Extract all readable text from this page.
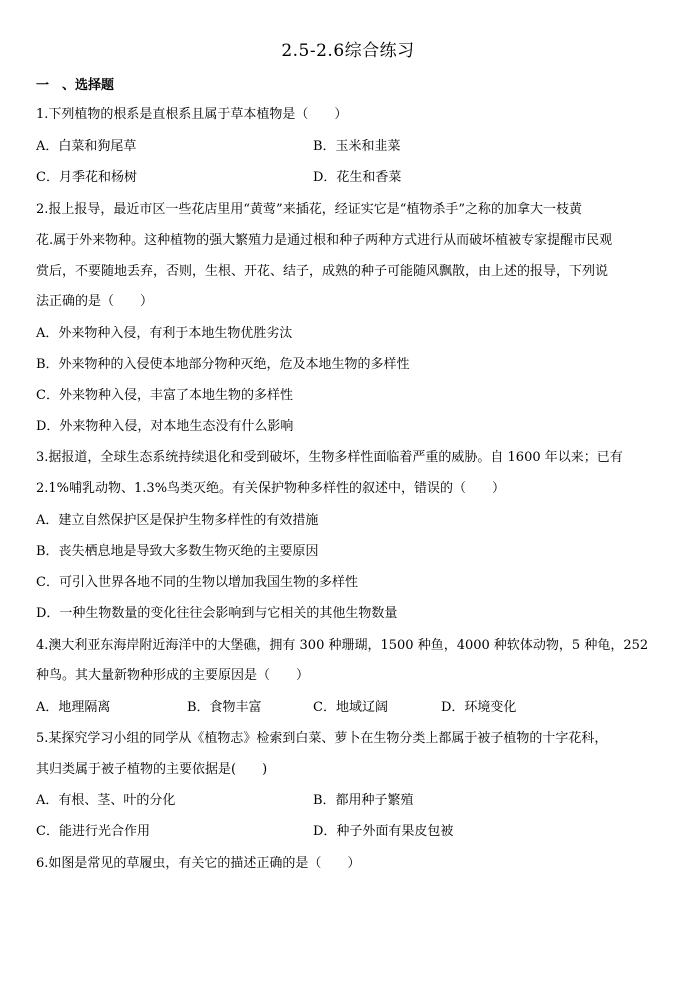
2.5-2.6综合练习
一　、选择题
1.下列植物的根系是直根系且属于草本植物是（　　）
A．白菜和狗尾草	B．玉米和韭菜
C．月季花和杨树	D．花生和香菜
2.报上报导，最近市区一些花店里用“黄莺”来插花，经证实它是“植物杀手”之称的加拿大一枝黄
花.属于外来物种。这种植物的强大繁殖力是通过根和种子两种方式进行从而破坏植被专家提醒市民观
赏后，不要随地丢弃，否则，生根、开花、结子，成熟的种子可能随风飘散，由上述的报导，下列说
法正确的是（　　）
A．外来物种入侵，有利于本地生物优胜劣汰
B．外来物种的入侵使本地部分物种灭绝，危及本地生物的多样性
C．外来物种入侵，丰富了本地生物的多样性
D．外来物种入侵，对本地生态没有什么影响
3.据报道，全球生态系统持续退化和受到破坏，生物多样性面临着严重的威胁。自 1600 年以来；已有
2.1%哺乳动物、1.3%鸟类灭绝。有关保护物种多样性的叙述中，错误的（　　）
A．建立自然保护区是保护生物多样性的有效措施
B．丧失栖息地是导致大多数生物灭绝的主要原因
C．可引入世界各地不同的生物以增加我国生物的多样性
D．一种生物数量的变化往往会影响到与它相关的其他生物数量
4.澳大利亚东海岸附近海洋中的大堡礁，拥有 300 种珊瑚，1500 种鱼，4000 种软体动物，5 种龟，252
种鸟。其大量新物种形成的主要原因是（　　）
A．地理隔离	B．食物丰富	C．地域辽阔	D．环境变化
5.某探究学习小组的同学从《植物志》检索到白菜、萝卜在生物分类上都属于被子植物的十字花科，
其归类属于被子植物的主要依据是(　　)
A．有根、茎、叶的分化	B．都用种子繁殖
C．能进行光合作用	D．种子外面有果皮包被
6.如图是常见的草履虫，有关它的描述正确的是（　　）
